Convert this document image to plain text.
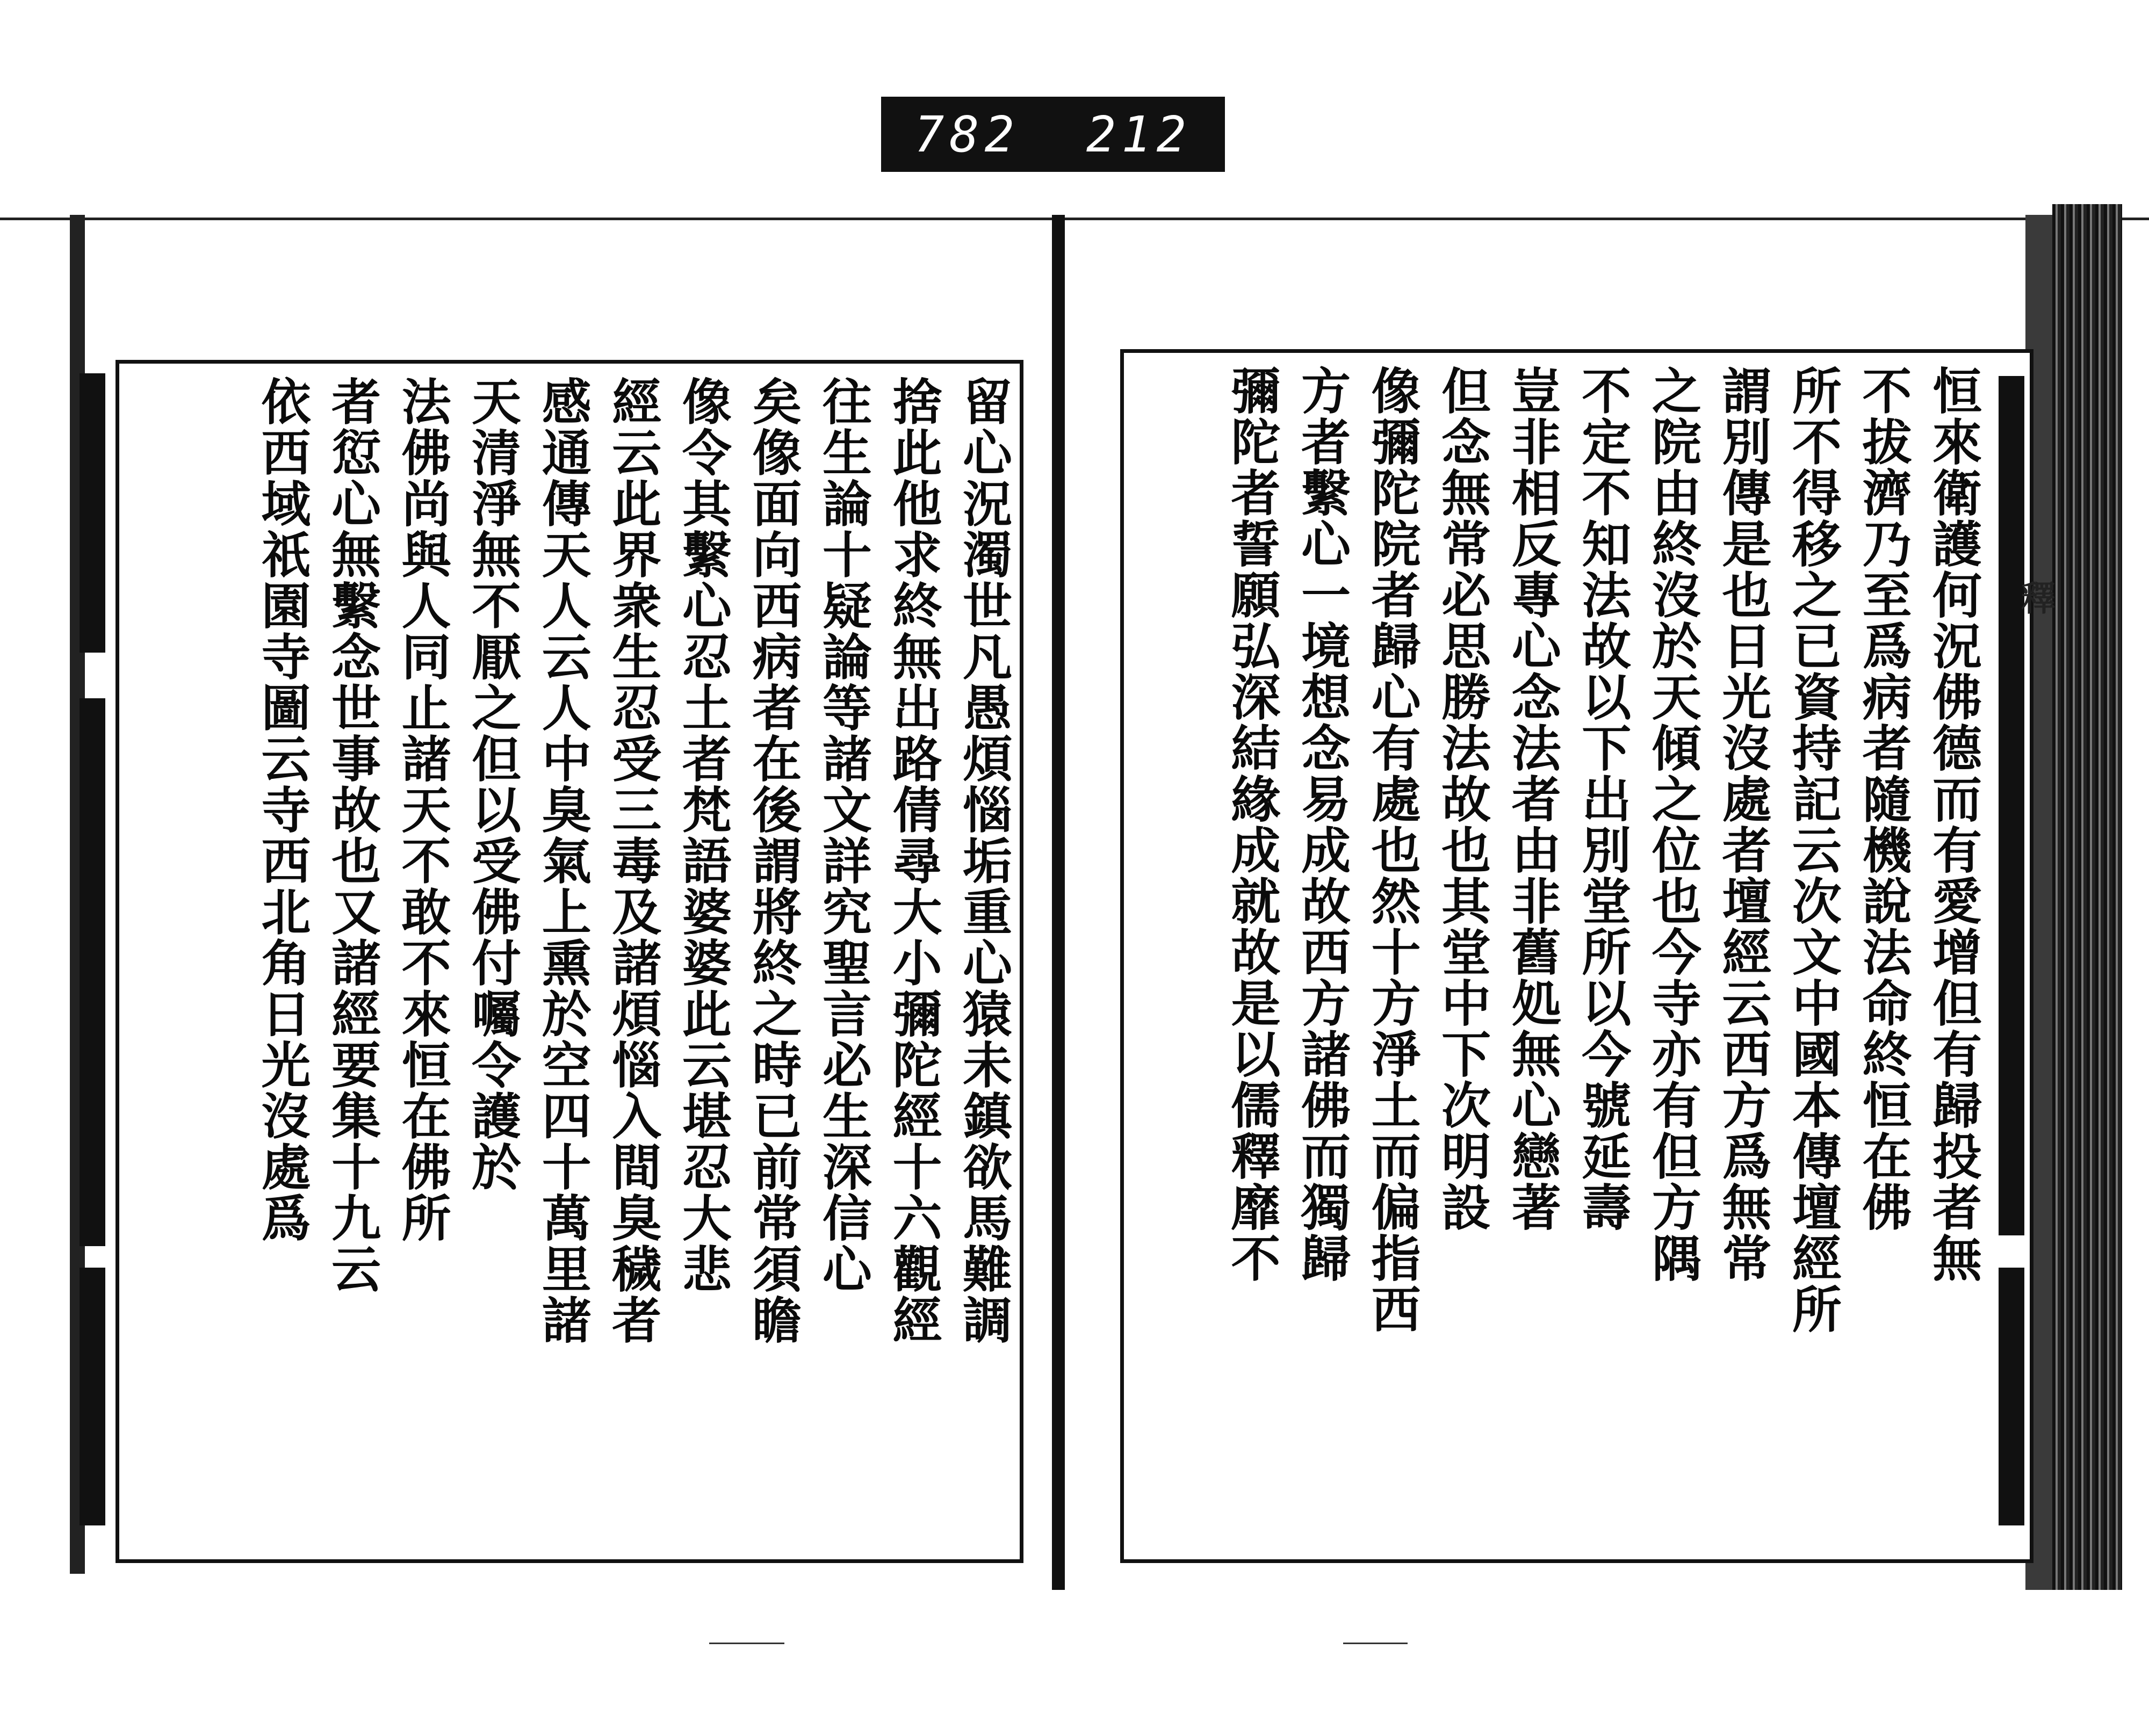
782 212
留心況濁世凡愚煩惱垢重心猿未鎮欲馬難調
捨此他求終無出路倩尋大小彌陀經十六觀經
往生論十疑論等諸文詳究聖言必生深信心
矣像面向西病者在後謂將終之時已前常須瞻
像令其繫心忍土者梵語婆婆此云堪忍大悲
經云此界衆生忍受三毒及諸煩惱入間臭穢者
感通傳天人云人中臭氣上熏於空四十萬里諸
天清淨無不厭之但以受佛付囑令護於
法佛尚與人同止諸天不敢不來恒在佛所
者愆心無繫念世事故也又諸經要集十九云
依西域祇園寺圖云寺西北角日光沒處爲	恒來衛護何況佛德而有愛增但有歸投者無
不拔濟乃至爲病者隨機說法命終恒在佛
所不得移之已資持記云次文中國本傳壇經所
謂別傳是也日光沒處者壇經云西方爲無常
之院由終沒於天傾之位也今寺亦有但方隅
不定不知法故以下出別堂所以今號延壽
豈非相反專心念法者由非舊処無心戀著
但念無常必思勝法故也其堂中下次明設
像彌陀院者歸心有處也然十方淨土而偏指西
方者繫心一境想念易成故西方諸佛而獨歸
彌陀者誓願弘深結緣成就故是以儒釋靡不	釋
